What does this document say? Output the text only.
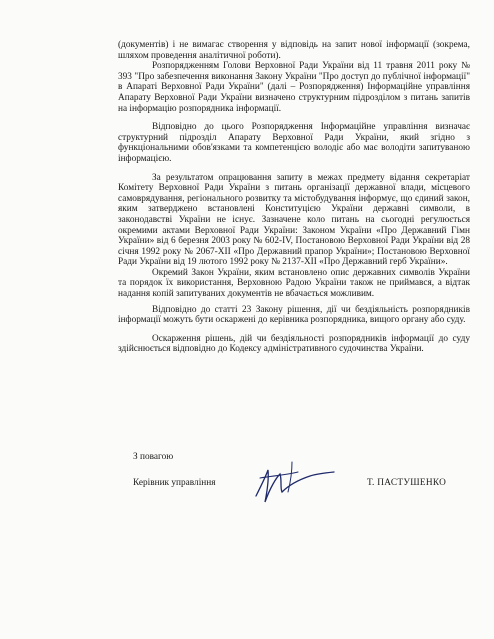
(документів) і не вимагає створення у відповідь на запит нової інформації (зокрема, шляхом проведення аналітичної роботи).

Розпорядженням Голови Верховної Ради України від 11 травня 2011 року № 393 "Про забезпечення виконання Закону України "Про доступ до публічної інформації" в Апараті Верховної Ради України" (далі – Розпорядження) Інформаційне управління Апарату Верховної Ради України визначено структурним підрозділом з питань запитів на інформацію розпорядника інформації.

Відповідно до цього Розпорядження Інформаційне управління визначає структурний підрозділ Апарату Верховної Ради України, який згідно з функціональними обов'язками та компетенцією володіє або має володіти запитуваною інформацією.

За результатом опрацювання запиту в межах предмету відання секретаріат Комітету Верховної Ради України з питань організації державної влади, місцевого самоврядування, регіонального розвитку та містобудування інформує, що єдиний закон, яким затверджено встановлені Конституцією України державні символи, в законодавстві України не існує. Зазначене коло питань на сьогодні регулюється окремими актами Верховної Ради України: Законом України «Про Державний Гімн України» від 6 березня 2003 року № 602-IV, Постановою Верховної Ради України від 28 січня 1992 року № 2067-XII «Про Державний прапор України»; Постановою Верховної Ради України від 19 лютого 1992 року № 2137-XII «Про Державний герб України».

Окремий Закон України, яким встановлено опис державних символів України та порядок їх використання, Верховною Радою України також не приймався, а відтак надання копій запитуваних документів не вбачається можливим.

Відповідно до статті 23 Закону рішення, дії чи бездіяльність розпорядників інформації можуть бути оскаржені до керівника розпорядника, вищого органу або суду.

Оскарження рішень, дій чи бездіяльності розпорядників інформації до суду здійснюється відповідно до Кодексу адміністративного судочинства України.

З повагою
Керівник управління	Т. ПАСТУШЕНКО
